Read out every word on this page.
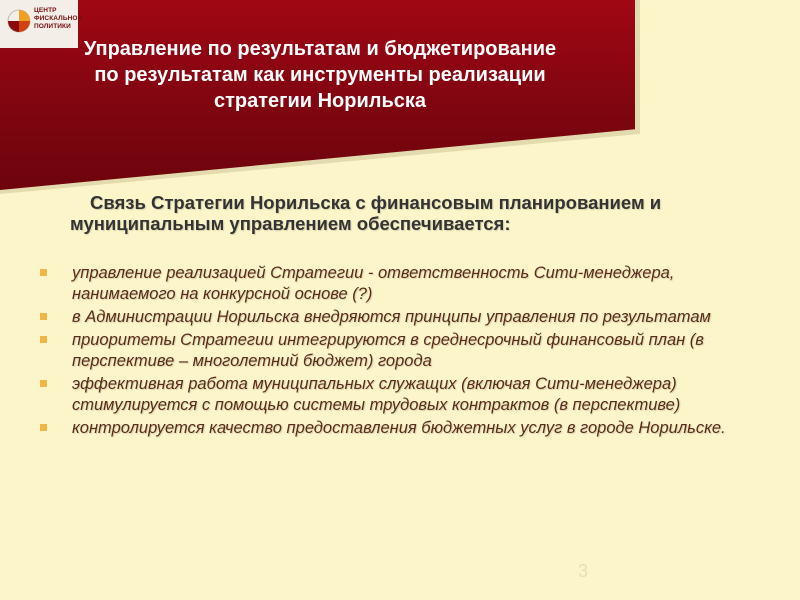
ЦЕНТР
ФИСКАЛЬНОЙ
ПОЛИТИКИ
Управление по результатам и бюджетирование
по результатам как инструменты реализации
стратегии Норильска
Связь Стратегии Норильска с финансовым планированием и муниципальным управлением обеспечивается:
управление реализацией Стратегии - ответственность Сити-менеджера, нанимаемого на конкурсной основе (?)
в Администрации Норильска внедряются принципы управления по результатам
приоритеты Стратегии интегрируются в среднесрочный финансовый план (в перспективе – многолетний бюджет) города
эффективная работа муниципальных служащих (включая Сити-менеджера) стимулируется с помощью системы трудовых контрактов (в перспективе)
контролируется качество предоставления бюджетных услуг в городе Норильске.
3
